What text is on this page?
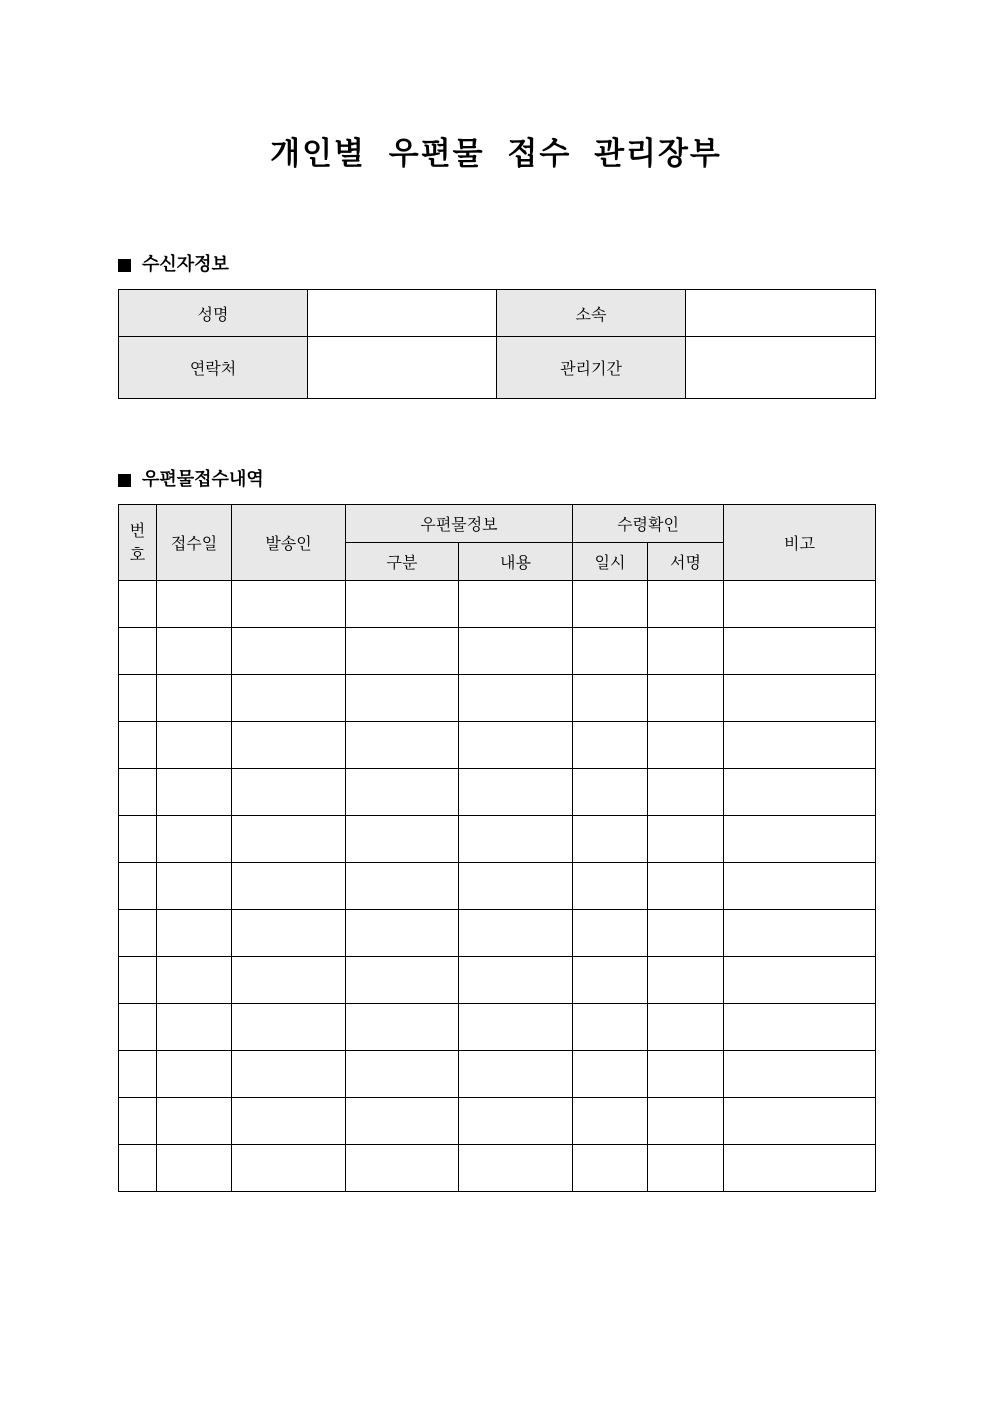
개인별 우편물 접수 관리장부
수신자정보
성명		소속	
연락처		관리기간	
우편물접수내역
번
호	접수일	발송인	우편물정보		수령확인		비고
			구분	내용	일시	서명	
